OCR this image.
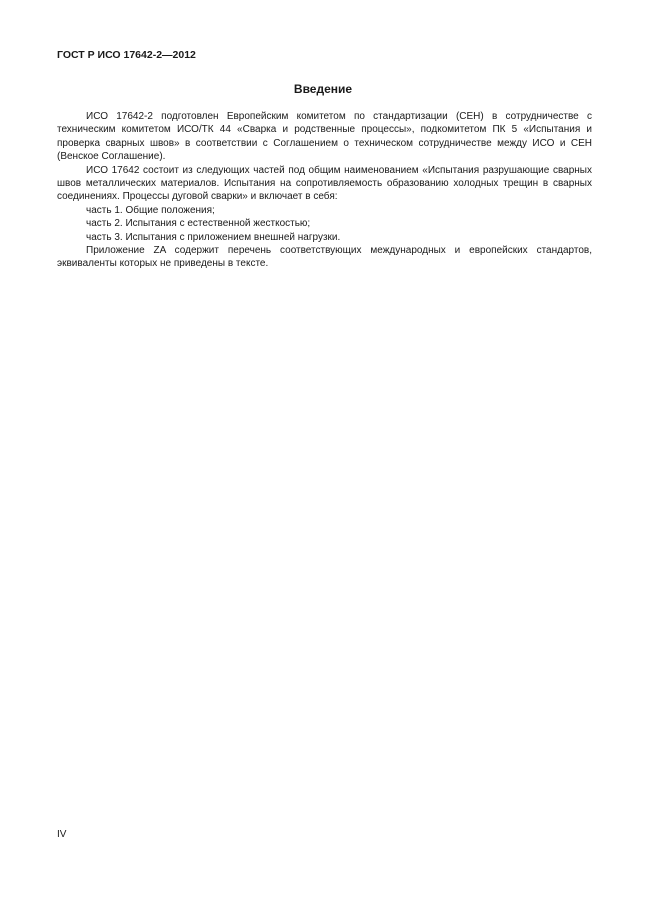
ГОСТ Р ИСО 17642-2—2012
Введение

ИСО 17642-2 подготовлен Европейским комитетом по стандартизации (СЕН) в сотрудничестве с техническим комитетом ИСО/ТК 44 «Сварка и родственные процессы», подкомитетом ПК 5 «Испытания и проверка сварных швов» в соответствии с Соглашением о техническом сотрудничестве между ИСО и СЕН (Венское Соглашение).

ИСО 17642 состоит из следующих частей под общим наименованием «Испытания разрушающие сварных швов металлических материалов. Испытания на сопротивляемость образованию холодных трещин в сварных соединениях. Процессы дуговой сварки» и включает в себя:

часть 1. Общие положения;

часть 2. Испытания с естественной жесткостью;

часть 3. Испытания с приложением внешней нагрузки.

Приложение ZA содержит перечень соответствующих международных и европейских стандартов, эквиваленты которых не приведены в тексте.

IV
